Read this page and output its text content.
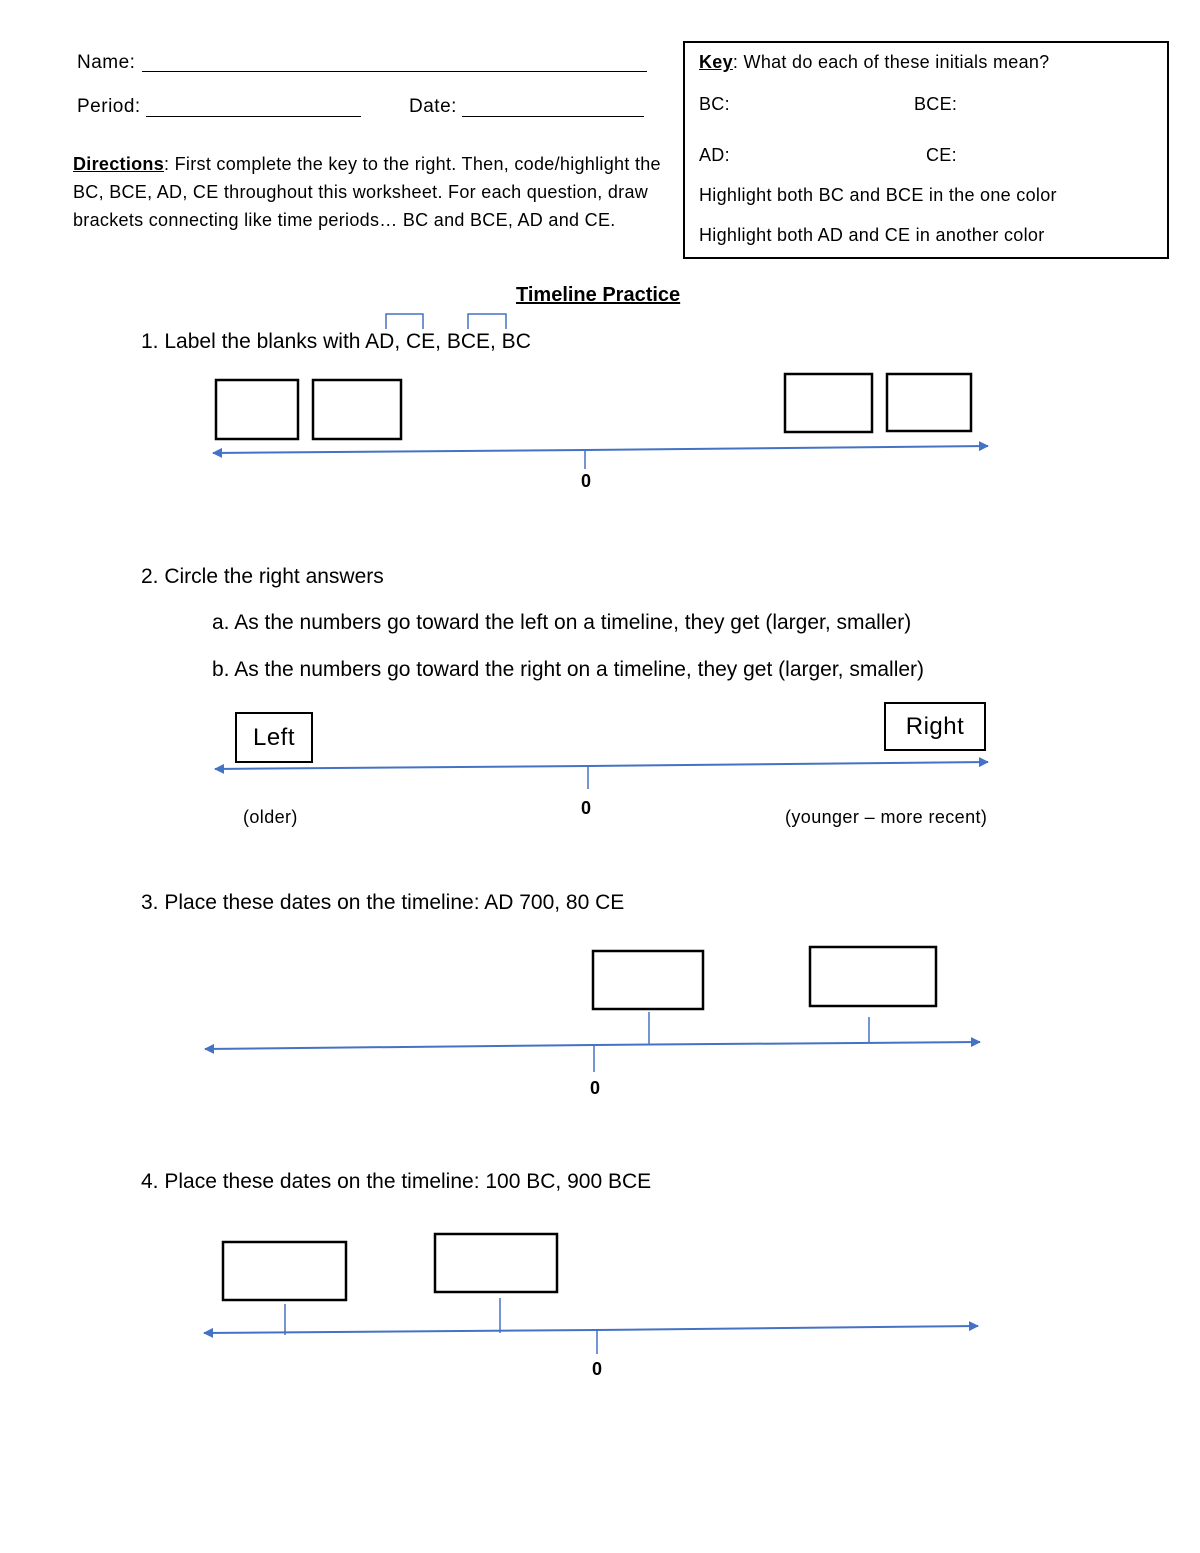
Name:
Period:	Date:
Directions: First complete the key to the right. Then, code/highlight the BC, BCE, AD, CE throughout this worksheet. For each question, draw brackets connecting like time periods… BC and BCE, AD and CE.
Key: What do each of these initials mean?
BC:	BCE:
AD:	CE:
Highlight both BC and BCE in the one color
Highlight both AD and CE in another color
Timeline Practice
1. Label the blanks with AD, CE, BCE, BC
0
2. Circle the right answers
a. As the numbers go toward the left on a timeline, they get (larger, smaller)
b. As the numbers go toward the right on a timeline, they get (larger, smaller)
Left	Right
0
(older)	(younger – more recent)
3. Place these dates on the timeline: AD 700, 80 CE
0
4. Place these dates on the timeline: 100 BC, 900 BCE
0
